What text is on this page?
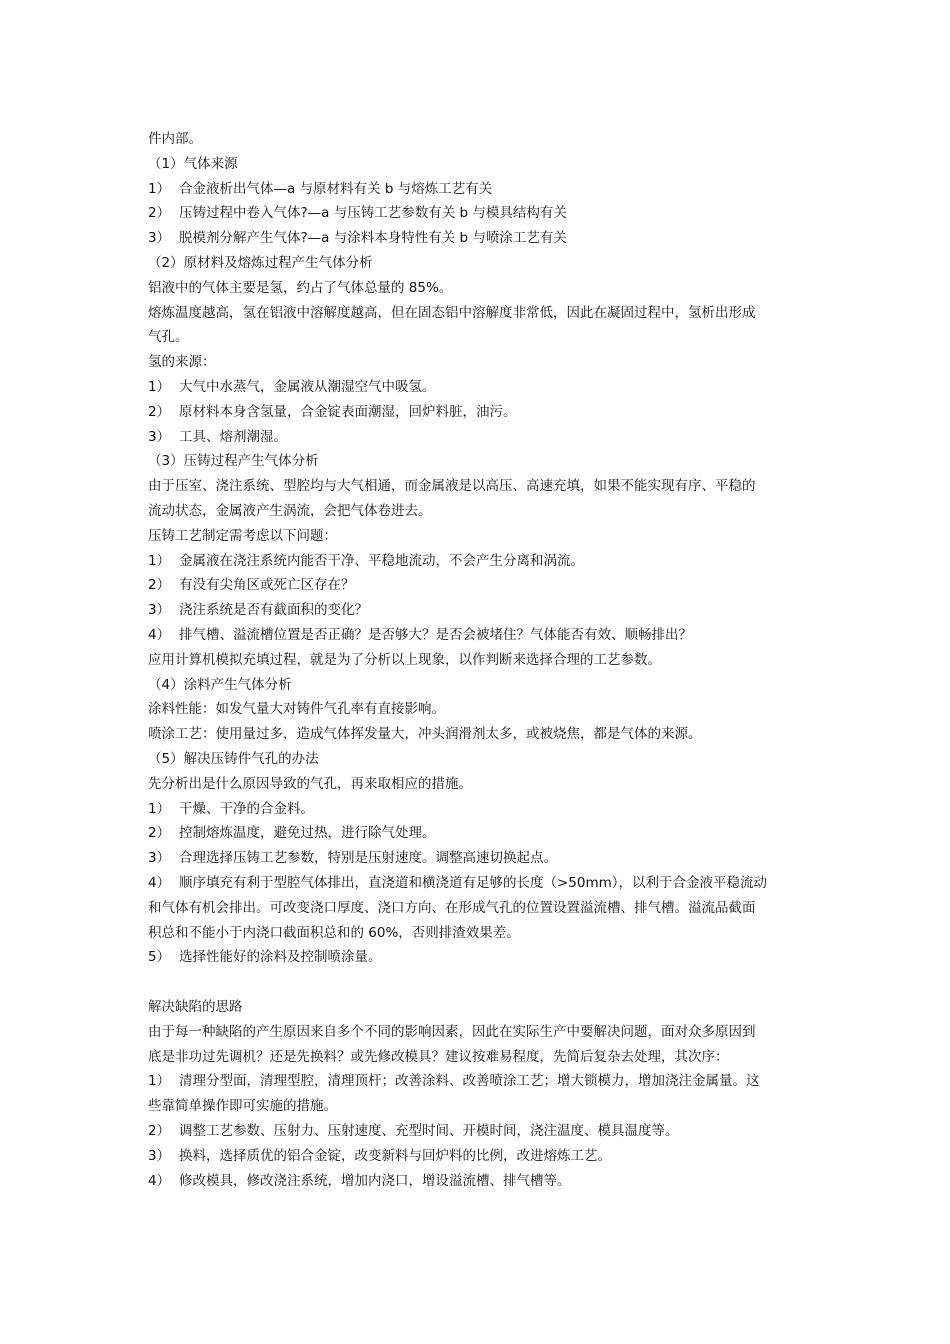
件内部。
（1）气体来源
1） 合金液析出气体—a 与原材料有关 b 与熔炼工艺有关
2） 压铸过程中卷入气体?—a 与压铸工艺参数有关 b 与模具结构有关
3） 脱模剂分解产生气体?—a 与涂料本身特性有关 b 与喷涂工艺有关
（2）原材料及熔炼过程产生气体分析
铝液中的气体主要是氢，约占了气体总量的 85%。
熔炼温度越高，氢在铝液中溶解度越高，但在固态铝中溶解度非常低，因此在凝固过程中，氢析出形成
气孔。
氢的来源：
1） 大气中水蒸气，金属液从潮湿空气中吸氢。
2） 原材料本身含氢量，合金锭表面潮湿，回炉料脏，油污。
3） 工具、熔剂潮湿。
（3）压铸过程产生气体分析
由于压室、浇注系统、型腔均与大气相通，而金属液是以高压、高速充填，如果不能实现有序、平稳的
流动状态，金属液产生涡流，会把气体卷进去。
压铸工艺制定需考虑以下问题：
1） 金属液在浇注系统内能否干净、平稳地流动，不会产生分离和涡流。
2） 有没有尖角区或死亡区存在？
3） 浇注系统是否有截面积的变化？
4） 排气槽、溢流槽位置是否正确？是否够大？是否会被堵住？气体能否有效、顺畅排出？
应用计算机模拟充填过程，就是为了分析以上现象，以作判断来选择合理的工艺参数。
（4）涂料产生气体分析
涂料性能：如发气量大对铸件气孔率有直接影响。
喷涂工艺：使用量过多，造成气体挥发量大，冲头润滑剂太多，或被烧焦，都是气体的来源。
（5）解决压铸件气孔的办法
先分析出是什么原因导致的气孔，再来取相应的措施。
1） 干燥、干净的合金料。
2） 控制熔炼温度，避免过热，进行除气处理。
3） 合理选择压铸工艺参数，特别是压射速度。调整高速切换起点。
4） 顺序填充有利于型腔气体排出，直浇道和横浇道有足够的长度（>50mm），以利于合金液平稳流动
和气体有机会排出。可改变浇口厚度、浇口方向、在形成气孔的位置设置溢流槽、排气槽。溢流品截面
积总和不能小于内浇口截面积总和的 60%，否则排渣效果差。
5） 选择性能好的涂料及控制喷涂量。
解决缺陷的思路
由于每一种缺陷的产生原因来自多个不同的影响因素，因此在实际生产中要解决问题，面对众多原因到
底是非功过先调机？还是先换料？或先修改模具？建议按难易程度，先简后复杂去处理，其次序：
1） 清理分型面，清理型腔，清理顶杆；改善涂料、改善喷涂工艺；增大锁模力，增加浇注金属量。这
些靠简单操作即可实施的措施。
2） 调整工艺参数、压射力、压射速度、充型时间、开模时间，浇注温度、模具温度等。
3） 换料，选择质优的铝合金锭，改变新料与回炉料的比例，改进熔炼工艺。
4） 修改模具，修改浇注系统，增加内浇口，增设溢流槽、排气槽等。
